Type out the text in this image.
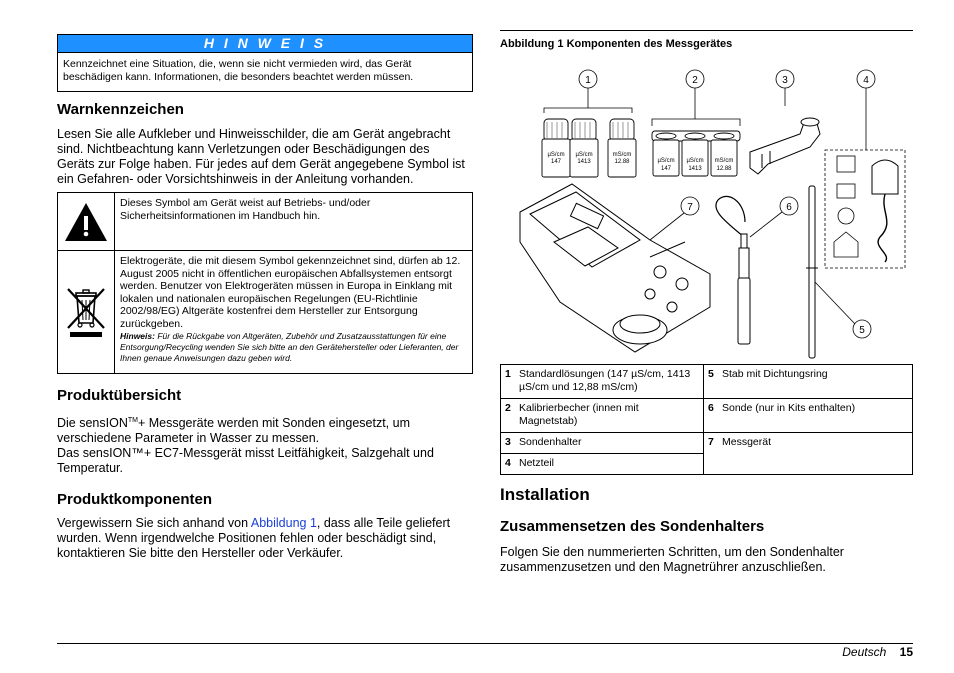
H I N W E I S
Kennzeichnet eine Situation, die, wenn sie nicht vermieden wird, das Gerät beschädigen kann. Informationen, die besonders beachtet werden müssen.
Warnkennzeichen

Lesen Sie alle Aufkleber und Hinweisschilder, die am Gerät angebracht sind. Nichtbeachtung kann Verletzungen oder Beschädigungen des Geräts zur Folge haben. Für jedes auf dem Gerät angegebene Symbol ist ein Gefahren- oder Vorsichtshinweis in der Anleitung vorhanden.

Dieses Symbol am Gerät weist auf Betriebs- und/oder Sicherheitsinformationen im Handbuch hin.
Elektrogeräte, die mit diesem Symbol gekennzeichnet sind, dürfen ab 12. August 2005 nicht in öffentlichen europäischen Abfallsystemen entsorgt werden. Benutzer von Elektrogeräten müssen in Europa in Einklang mit lokalen und nationalen europäischen Regelungen (EU-Richtlinie 2002/98/EG) Altgeräte kostenfrei dem Hersteller zur Entsorgung zurückgeben.
Hinweis: Für die Rückgabe von Altgeräten, Zubehör und Zusatzausstattungen für eine Entsorgung/Recycling wenden Sie sich bitte an den Gerätehersteller oder Lieferanten, der Ihnen genaue Anweisungen dazu geben wird.
Produktübersicht

Die sensION™+ Messgeräte werden mit Sonden eingesetzt, um verschiedene Parameter in Wasser zu messen.

Das sensION™+ EC7-Messgerät misst Leitfähigkeit, Salzgehalt und Temperatur.

Produktkomponenten

Vergewissern Sie sich anhand von Abbildung 1, dass alle Teile geliefert wurden. Wenn irgendwelche Positionen fehlen oder beschädigt sind, kontaktieren Sie bitte den Hersteller oder Verkäufer.

Abbildung 1 Komponenten des Messgerätes
1	2	3	4
7	6
5
µS/cm
147
µS/cm
1413
mS/cm
12.88	µS/cm
147
µS/cm
1413
mS/cm
12.88
1	Standardlösungen (147 µS/cm, 1413 µS/cm und 12,88 mS/cm)	5	Stab mit Dichtungsring
2	Kalibrierbecher (innen mit Magnetstab)	6	Sonde (nur in Kits enthalten)
3	Sondenhalter	7	Messgerät
4	Netzteil		
Installation
Zusammensetzen des Sondenhalters

Folgen Sie den nummerierten Schritten, um den Sondenhalter zusammenzusetzen und den Magnetrührer anzuschließen.

Deutsch 15
